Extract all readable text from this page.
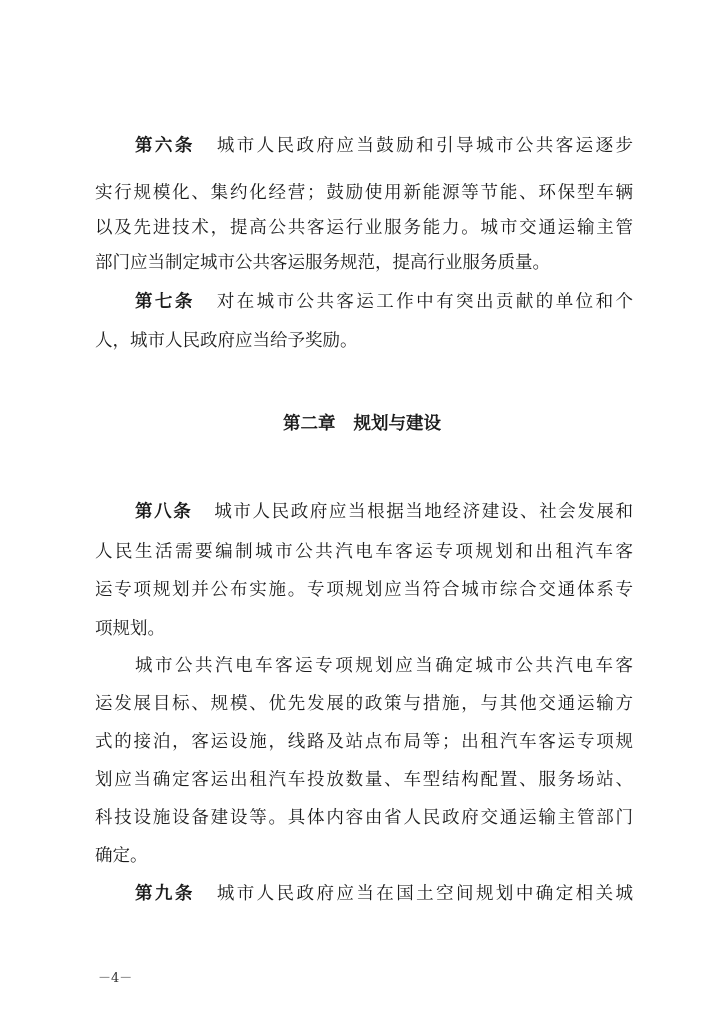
第六条 城市人民政府应当鼓励和引导城市公共客运逐步
实行规模化、集约化经营；鼓励使用新能源等节能、环保型车辆
以及先进技术，提高公共客运行业服务能力。城市交通运输主管
部门应当制定城市公共客运服务规范，提高行业服务质量。
第七条 对在城市公共客运工作中有突出贡献的单位和个
人，城市人民政府应当给予奖励。
第二章 规划与建设
第八条 城市人民政府应当根据当地经济建设、社会发展和
人民生活需要编制城市公共汽电车客运专项规划和出租汽车客
运专项规划并公布实施。专项规划应当符合城市综合交通体系专
项规划。
城市公共汽电车客运专项规划应当确定城市公共汽电车客
运发展目标、规模、优先发展的政策与措施，与其他交通运输方
式的接泊，客运设施，线路及站点布局等；出租汽车客运专项规
划应当确定客运出租汽车投放数量、车型结构配置、服务场站、
科技设施设备建设等。具体内容由省人民政府交通运输主管部门
确定。
第九条 城市人民政府应当在国土空间规划中确定相关城
－4－
